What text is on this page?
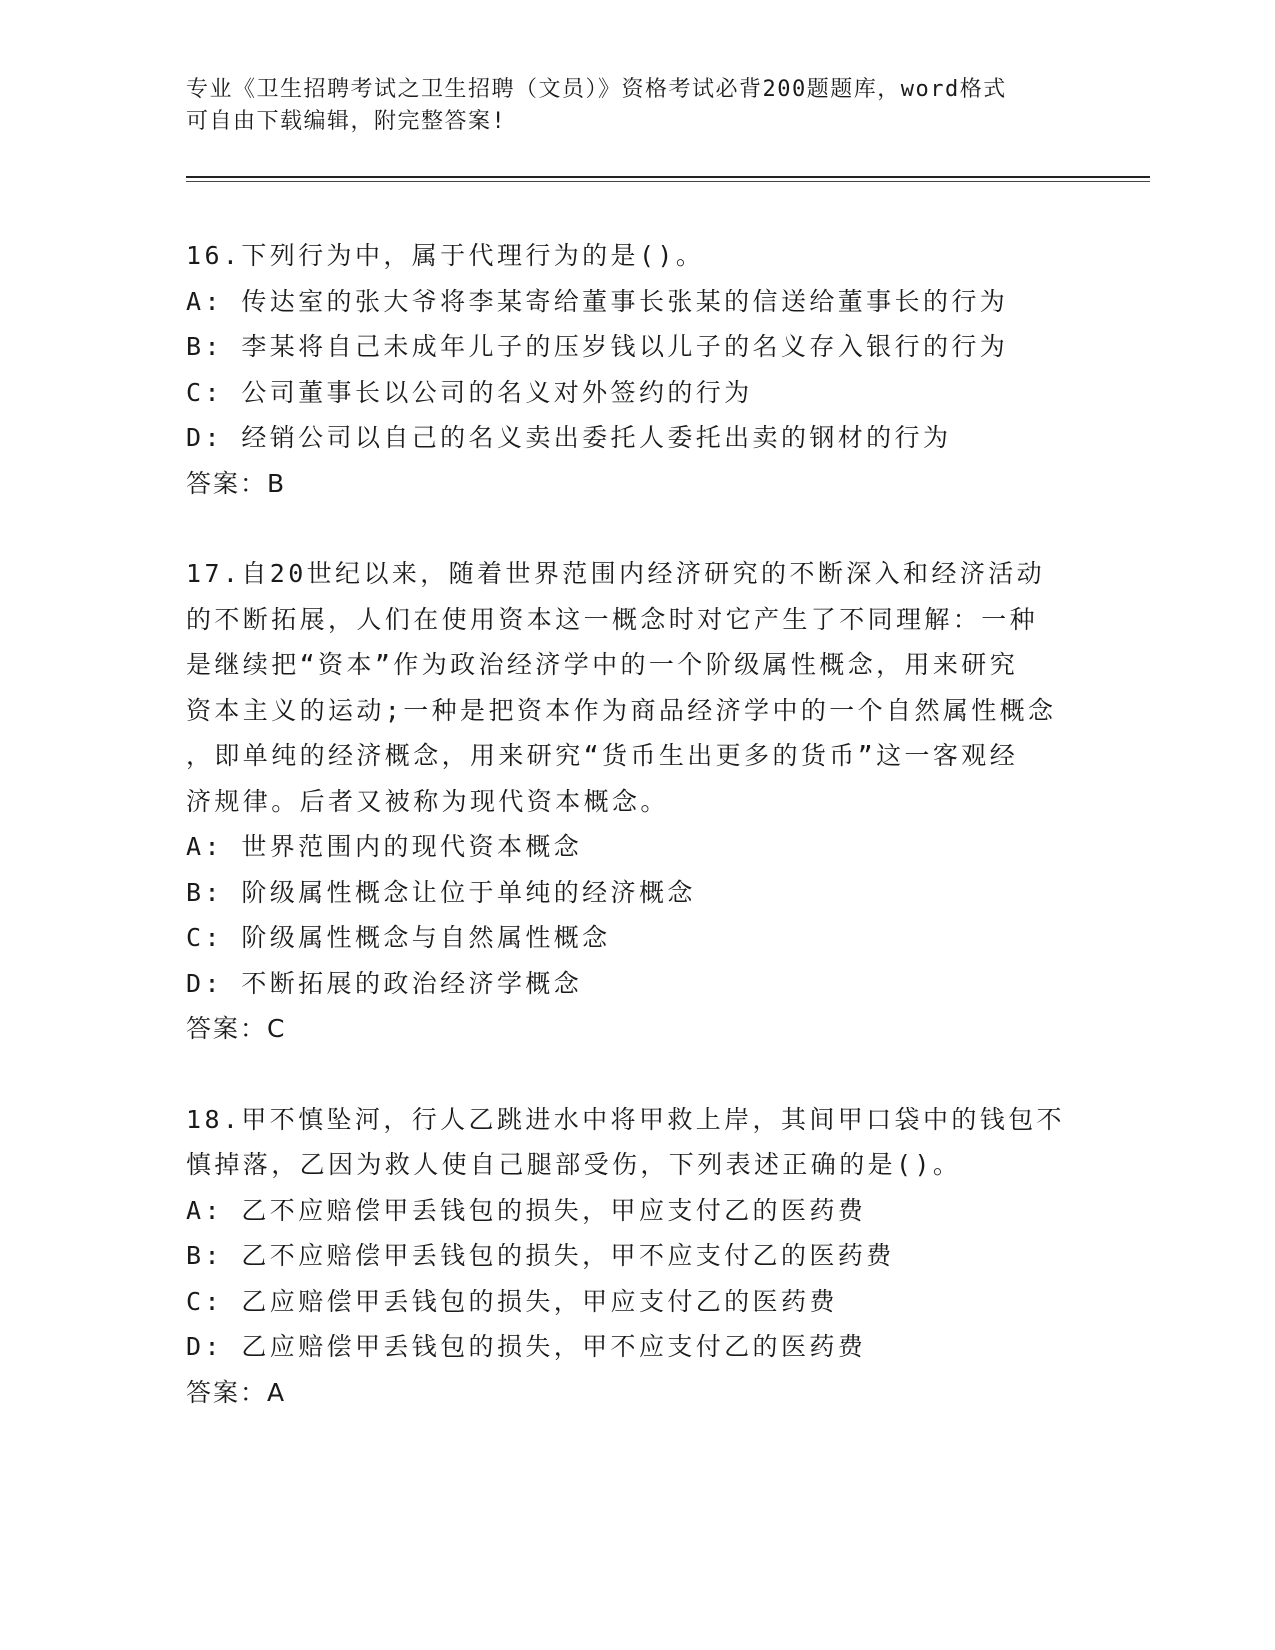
专业《卫生招聘考试之卫生招聘（文员）》资格考试必背200题题库，word格式
可自由下载编辑，附完整答案!

16.下列行为中，属于代理行为的是()。

A: 传达室的张大爷将李某寄给董事长张某的信送给董事长的行为

B: 李某将自己未成年儿子的压岁钱以儿子的名义存入银行的行为

C: 公司董事长以公司的名义对外签约的行为

D: 经销公司以自己的名义卖出委托人委托出卖的钢材的行为

答案：B

17.自20世纪以来，随着世界范围内经济研究的不断深入和经济活动

的不断拓展，人们在使用资本这一概念时对它产生了不同理解：一种

是继续把“资本”作为政治经济学中的一个阶级属性概念，用来研究

资本主义的运动;一种是把资本作为商品经济学中的一个自然属性概念

，即单纯的经济概念，用来研究“货币生出更多的货币”这一客观经

济规律。后者又被称为现代资本概念。

A: 世界范围内的现代资本概念

B: 阶级属性概念让位于单纯的经济概念

C: 阶级属性概念与自然属性概念

D: 不断拓展的政治经济学概念

答案：C

18.甲不慎坠河，行人乙跳进水中将甲救上岸，其间甲口袋中的钱包不

慎掉落，乙因为救人使自己腿部受伤，下列表述正确的是()。

A: 乙不应赔偿甲丢钱包的损失，甲应支付乙的医药费

B: 乙不应赔偿甲丢钱包的损失，甲不应支付乙的医药费

C: 乙应赔偿甲丢钱包的损失，甲应支付乙的医药费

D: 乙应赔偿甲丢钱包的损失，甲不应支付乙的医药费

答案：A
